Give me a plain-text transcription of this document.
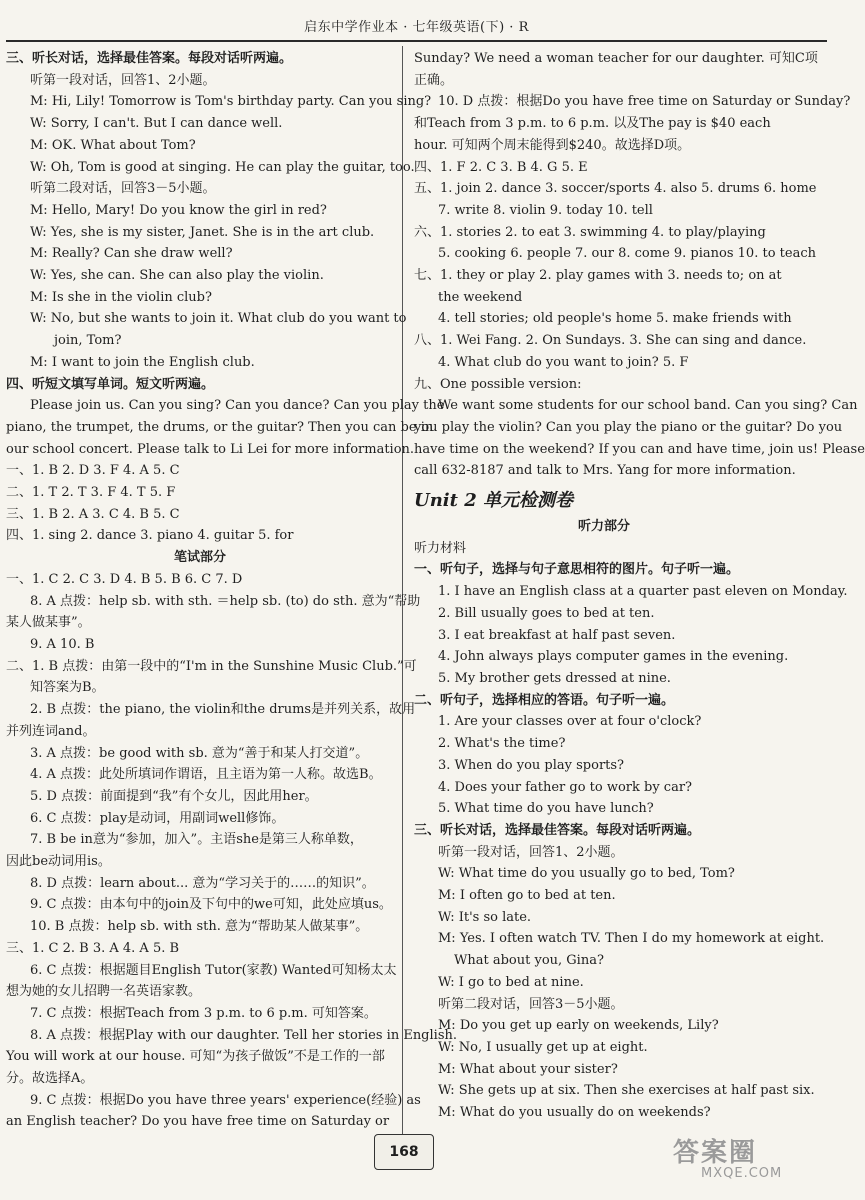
启东中学作业本 · 七年级英语(下) · R
三、听长对话，选择最佳答案。每段对话听两遍。
听第一段对话，回答1、2小题。
M: Hi, Lily! Tomorrow is Tom's birthday party. Can you sing?
W: Sorry, I can't. But I can dance well.
M: OK. What about Tom?
W: Oh, Tom is good at singing. He can play the guitar, too.
听第二段对话，回答3－5小题。
M: Hello, Mary! Do you know the girl in red?
W: Yes, she is my sister, Janet. She is in the art club.
M: Really? Can she draw well?
W: Yes, she can. She can also play the violin.
M: Is she in the violin club?
W: No, but she wants to join it. What club do you want to
join, Tom?
M: I want to join the English club.
四、听短文填写单词。短文听两遍。
Please join us. Can you sing? Can you dance? Can you play the
piano, the trumpet, the drums, or the guitar? Then you can be in
our school concert. Please talk to Li Lei for more information.
一、1. B 2. D 3. F 4. A 5. C
二、1. T 2. T 3. F 4. T 5. F
三、1. B 2. A 3. C 4. B 5. C
四、1. sing 2. dance 3. piano 4. guitar 5. for
笔试部分
一、1. C 2. C 3. D 4. B 5. B 6. C 7. D
8. A 点拨：help sb. with sth. ＝help sb. (to) do sth. 意为“帮助
某人做某事”。
9. A 10. B
二、1. B 点拨：由第一段中的“I'm in the Sunshine Music Club.”可
知答案为B。
2. B 点拨：the piano, the violin和the drums是并列关系，故用
并列连词and。
3. A 点拨：be good with sb. 意为“善于和某人打交道”。
4. A 点拨：此处所填词作谓语，且主语为第一人称。故选B。
5. D 点拨：前面提到“我”有个女儿，因此用her。
6. C 点拨：play是动词，用副词well修饰。
7. B be in意为“参加，加入”。主语she是第三人称单数，
因此be动词用is。
8. D 点拨：learn about... 意为“学习关于的……的知识”。
9. C 点拨：由本句中的join及下句中的we可知，此处应填us。
10. B 点拨：help sb. with sth. 意为“帮助某人做某事”。
三、1. C 2. B 3. A 4. A 5. B
6. C 点拨：根据题目English Tutor(家教) Wanted可知杨太太
想为她的女儿招聘一名英语家教。
7. C 点拨：根据Teach from 3 p.m. to 6 p.m. 可知答案。
8. A 点拨：根据Play with our daughter. Tell her stories in English.
You will work at our house. 可知“为孩子做饭”不是工作的一部
分。故选择A。
9. C 点拨：根据Do you have three years' experience(经验) as
an English teacher? Do you have free time on Saturday or
Sunday? We need a woman teacher for our daughter. 可知C项
正确。
10. D 点拨：根据Do you have free time on Saturday or Sunday?
和Teach from 3 p.m. to 6 p.m. 以及The pay is $40 each
hour. 可知两个周末能得到$240。故选择D项。
四、1. F 2. C 3. B 4. G 5. E
五、1. join 2. dance 3. soccer/sports 4. also 5. drums 6. home
7. write 8. violin 9. today 10. tell
六、1. stories 2. to eat 3. swimming 4. to play/playing
5. cooking 6. people 7. our 8. come 9. pianos 10. to teach
七、1. they or play 2. play games with 3. needs to; on at
the weekend
4. tell stories; old people's home 5. make friends with
八、1. Wei Fang. 2. On Sundays. 3. She can sing and dance.
4. What club do you want to join? 5. F
九、One possible version:
We want some students for our school band. Can you sing? Can
you play the violin? Can you play the piano or the guitar? Do you
have time on the weekend? If you can and have time, join us! Please
call 632-8187 and talk to Mrs. Yang for more information.
Unit 2 单元检测卷
听力部分
听力材料
一、听句子，选择与句子意思相符的图片。句子听一遍。
1. I have an English class at a quarter past eleven on Monday.
2. Bill usually goes to bed at ten.
3. I eat breakfast at half past seven.
4. John always plays computer games in the evening.
5. My brother gets dressed at nine.
二、听句子，选择相应的答语。句子听一遍。
1. Are your classes over at four o'clock?
2. What's the time?
3. When do you play sports?
4. Does your father go to work by car?
5. What time do you have lunch?
三、听长对话，选择最佳答案。每段对话听两遍。
听第一段对话，回答1、2小题。
W: What time do you usually go to bed, Tom?
M: I often go to bed at ten.
W: It's so late.
M: Yes. I often watch TV. Then I do my homework at eight.
What about you, Gina?
W: I go to bed at nine.
听第二段对话，回答3－5小题。
M: Do you get up early on weekends, Lily?
W: No, I usually get up at eight.
M: What about your sister?
W: She gets up at six. Then she exercises at half past six.
M: What do you usually do on weekends?
168	答案圈
MXQE.COM
